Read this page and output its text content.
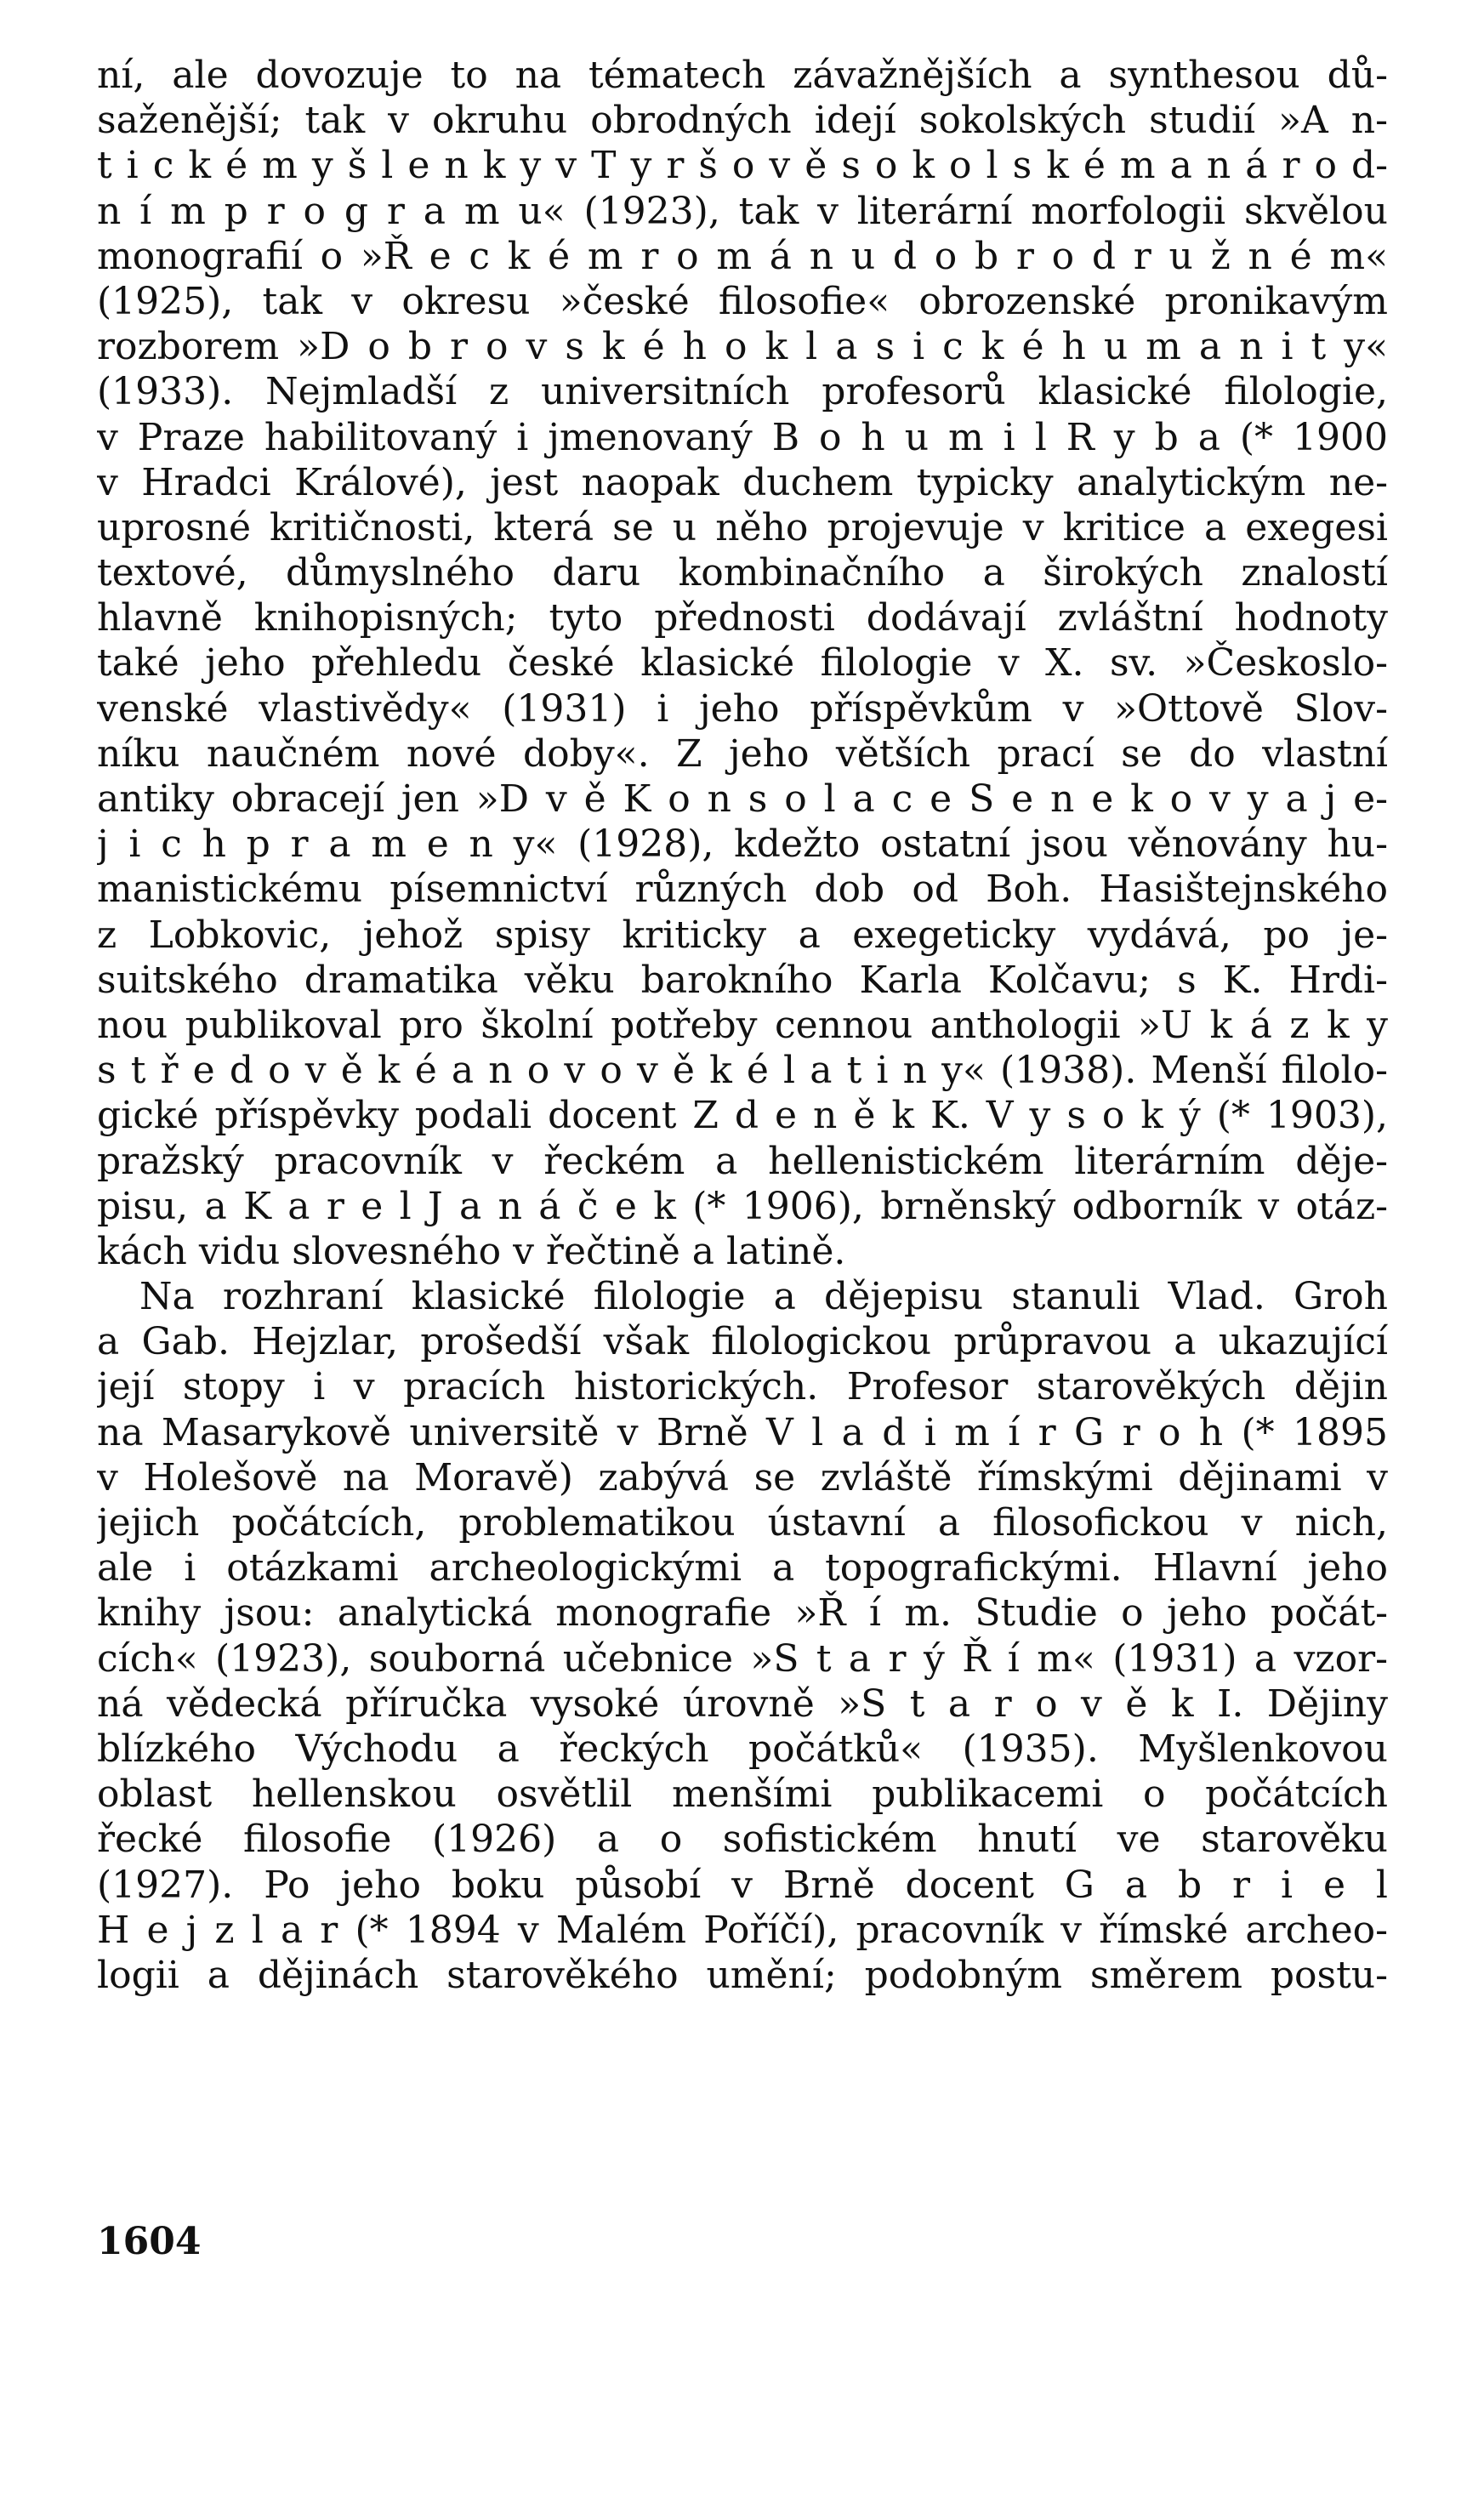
ní, ale dovozuje to na tématech závažnějších a synthesou dů-
saženější; tak v okruhu obrodných idejí sokolských studií »A n-
t i c k é m y š l e n k y v T y r š o v ě s o k o l s k é m a n á r o d-
n í m p r o g r a m u« (1923), tak v literární morfologii skvělou
monografií o »Ř e c k é m r o m á n u d o b r o d r u ž n é m«
(1925), tak v okresu »české filosofie« obrozenské pronikavým
rozborem »D o b r o v s k é h o k l a s i c k é h u m a n i t y«
(1933). Nejmladší z universitních profesorů klasické filologie,
v Praze habilitovaný i jmenovaný B o h u m i l R y b a (* 1900
v Hradci Králové), jest naopak duchem typicky analytickým ne-
uprosné kritičnosti, která se u něho projevuje v kritice a exegesi
textové, důmyslného daru kombinačního a širokých znalostí
hlavně knihopisných; tyto přednosti dodávají zvláštní hodnoty
také jeho přehledu české klasické filologie v X. sv. »Českoslo-
venské vlastivědy« (1931) i jeho příspěvkům v »Ottově Slov-
níku naučném nové doby«. Z jeho větších prací se do vlastní
antiky obracejí jen »D v ě K o n s o l a c e S e n e k o v y a j e-
j i c h p r a m e n y« (1928), kdežto ostatní jsou věnovány hu-
manistickému písemnictví různých dob od Boh. Hasištejnského
z Lobkovic, jehož spisy kriticky a exegeticky vydává, po je-
suitského dramatika věku barokního Karla Kolčavu; s K. Hrdi-
nou publikoval pro školní potřeby cennou anthologii »U k á z k y
s t ř e d o v ě k é a n o v o v ě k é l a t i n y« (1938). Menší filolo-
gické příspěvky podali docent Z d e n ě k K. V y s o k ý (* 1903),
pražský pracovník v řeckém a hellenistickém literárním děje-
pisu, a K a r e l J a n á č e k (* 1906), brněnský odborník v otáz-
kách vidu slovesného v řečtině a latině.
Na rozhraní klasické filologie a dějepisu stanuli Vlad. Groh
a Gab. Hejzlar, prošedší však filologickou průpravou a ukazující
její stopy i v pracích historických. Profesor starověkých dějin
na Masarykově universitě v Brně V l a d i m í r G r o h (* 1895
v Holešově na Moravě) zabývá se zvláště římskými dějinami v
jejich počátcích, problematikou ústavní a filosofickou v nich,
ale i otázkami archeologickými a topografickými. Hlavní jeho
knihy jsou: analytická monografie »Ř í m. Studie o jeho počát-
cích« (1923), souborná učebnice »S t a r ý Ř í m« (1931) a vzor-
ná vědecká příručka vysoké úrovně »S t a r o v ě k I. Dějiny
blízkého Východu a řeckých počátků« (1935). Myšlenkovou
oblast hellenskou osvětlil menšími publikacemi o počátcích
řecké filosofie (1926) a o sofistickém hnutí ve starověku
(1927). Po jeho boku působí v Brně docent G a b r i e l
H e j z l a r (* 1894 v Malém Poříčí), pracovník v římské archeo-
logii a dějinách starověkého umění; podobným směrem postu-
1604
